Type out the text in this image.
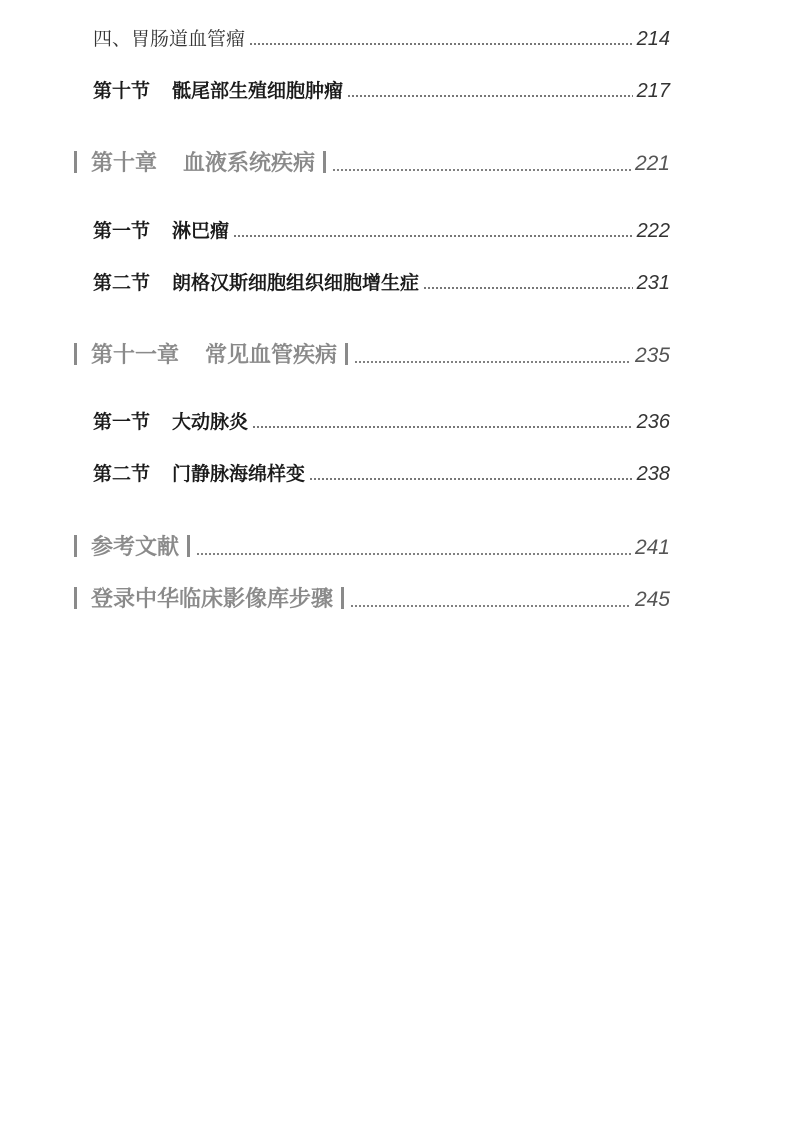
四、胃肠道血管瘤	214
第十节 骶尾部生殖细胞肿瘤	217
第十章 血液系统疾病	221
第一节 淋巴瘤	222
第二节 朗格汉斯细胞组织细胞增生症	231
第十一章 常见血管疾病	235
第一节 大动脉炎	236
第二节 门静脉海绵样变	238
参考文献	241
登录中华临床影像库步骤	245
